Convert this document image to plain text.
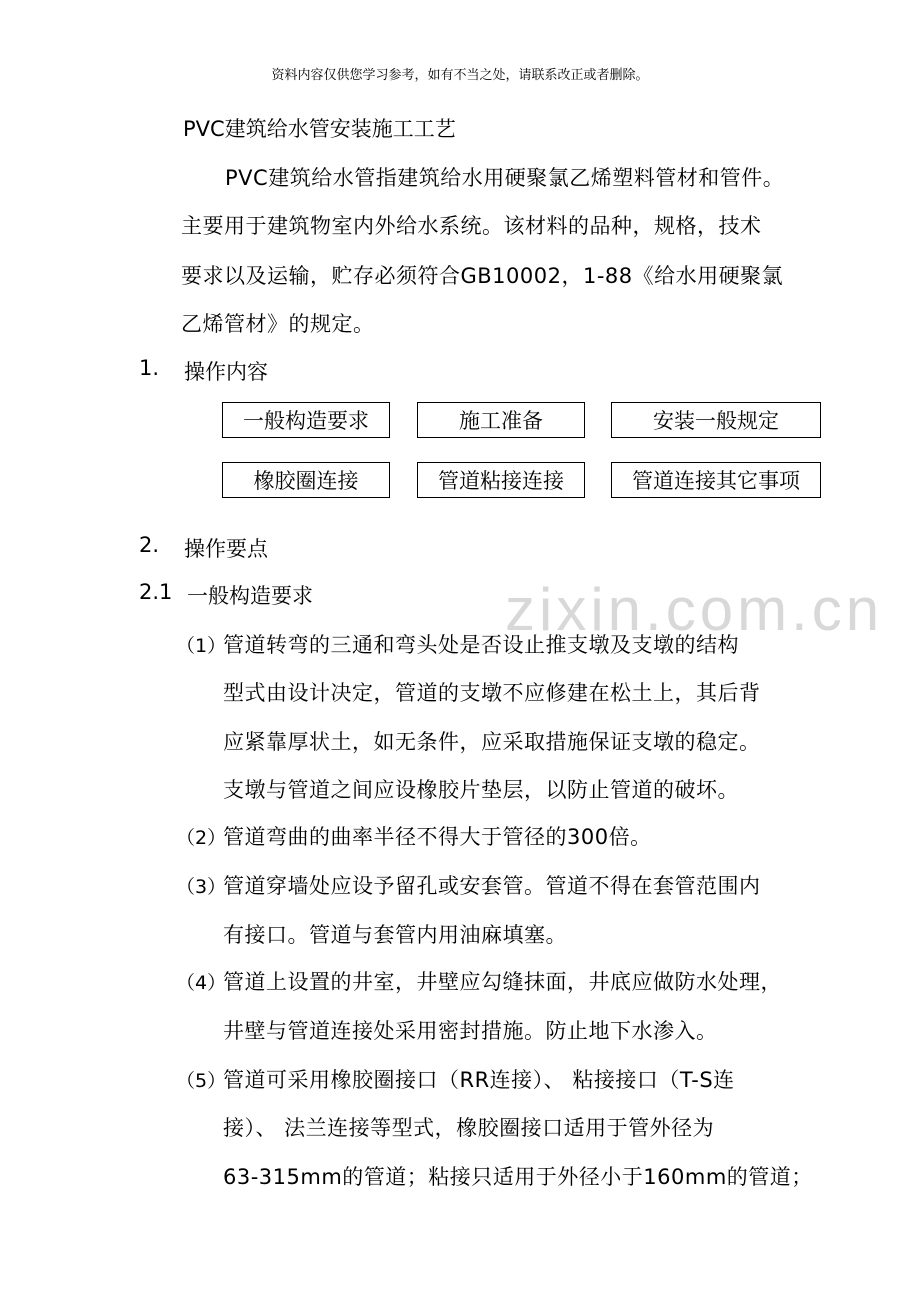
资料内容仅供您学习参考，如有不当之处，请联系改正或者删除。
PVC建筑给水管安装施工工艺
PVC建筑给水管指建筑给水用硬聚氯乙烯塑料管材和管件。
主要用于建筑物室内外给水系统。该材料的品种，规格，技术
要求以及运输，贮存必须符合GB10002，1-88《给水用硬聚氯
乙烯管材》的规定。
1. 操作内容
一般构造要求	施工准备	安装一般规定
橡胶圈连接	管道粘接连接	管道连接其它事项
2. 操作要点
zixin.com.cn
2.1 一般构造要求
（1）
管道转弯的三通和弯头处是否设止推支墩及支墩的结构
型式由设计决定，管道的支墩不应修建在松土上，其后背
应紧靠厚状土，如无条件，应采取措施保证支墩的稳定。
支墩与管道之间应设橡胶片垫层，以防止管道的破坏。
（2）
管道弯曲的曲率半径不得大于管径的300倍。
（3）
管道穿墙处应设予留孔或安套管。管道不得在套管范围内
有接口。管道与套管内用油麻填塞。
（4）
管道上设置的井室，井壁应勾缝抹面，井底应做防水处理，
井壁与管道连接处采用密封措施。防止地下水渗入。
（5）
管道可采用橡胶圈接口（RR连接）、 粘接接口（T-S连
接）、 法兰连接等型式，橡胶圈接口适用于管外径为
63-315mm的管道；粘接只适用于外径小于160mm的管道；
